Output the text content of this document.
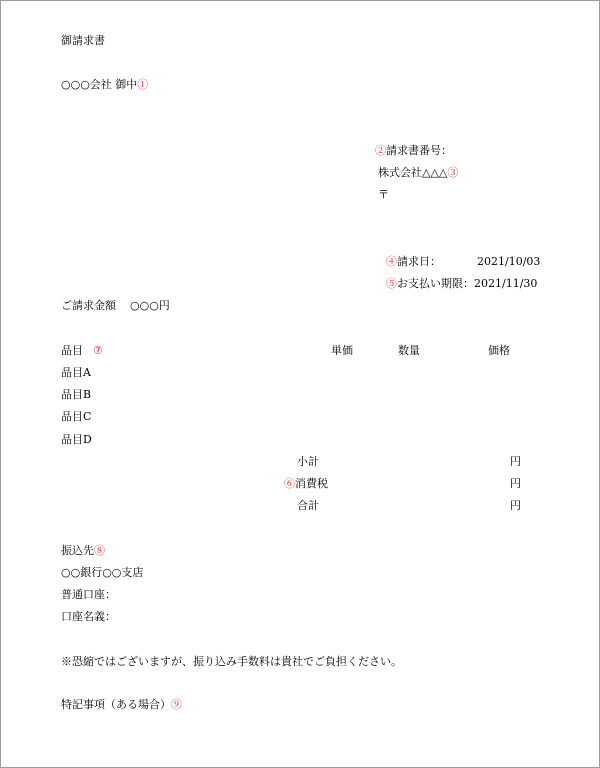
御請求書
○○○会社 御中①
②請求書番号：
株式会社△△△③
〒
④請求日：	2021/10/03
⑤お支払い期限： 2021/11/30
ご請求金額 ○○○円
品目 ⑦	単価	数量	価格
品目A
品目B
品目C
品目D
小計	円
⑥消費税	円
合計	円
振込先⑧
○○銀行○○支店
普通口座：
口座名義：
※恐縮ではございますが、振り込み手数料は貴社でご負担ください。
特記事項（ある場合）⑨
